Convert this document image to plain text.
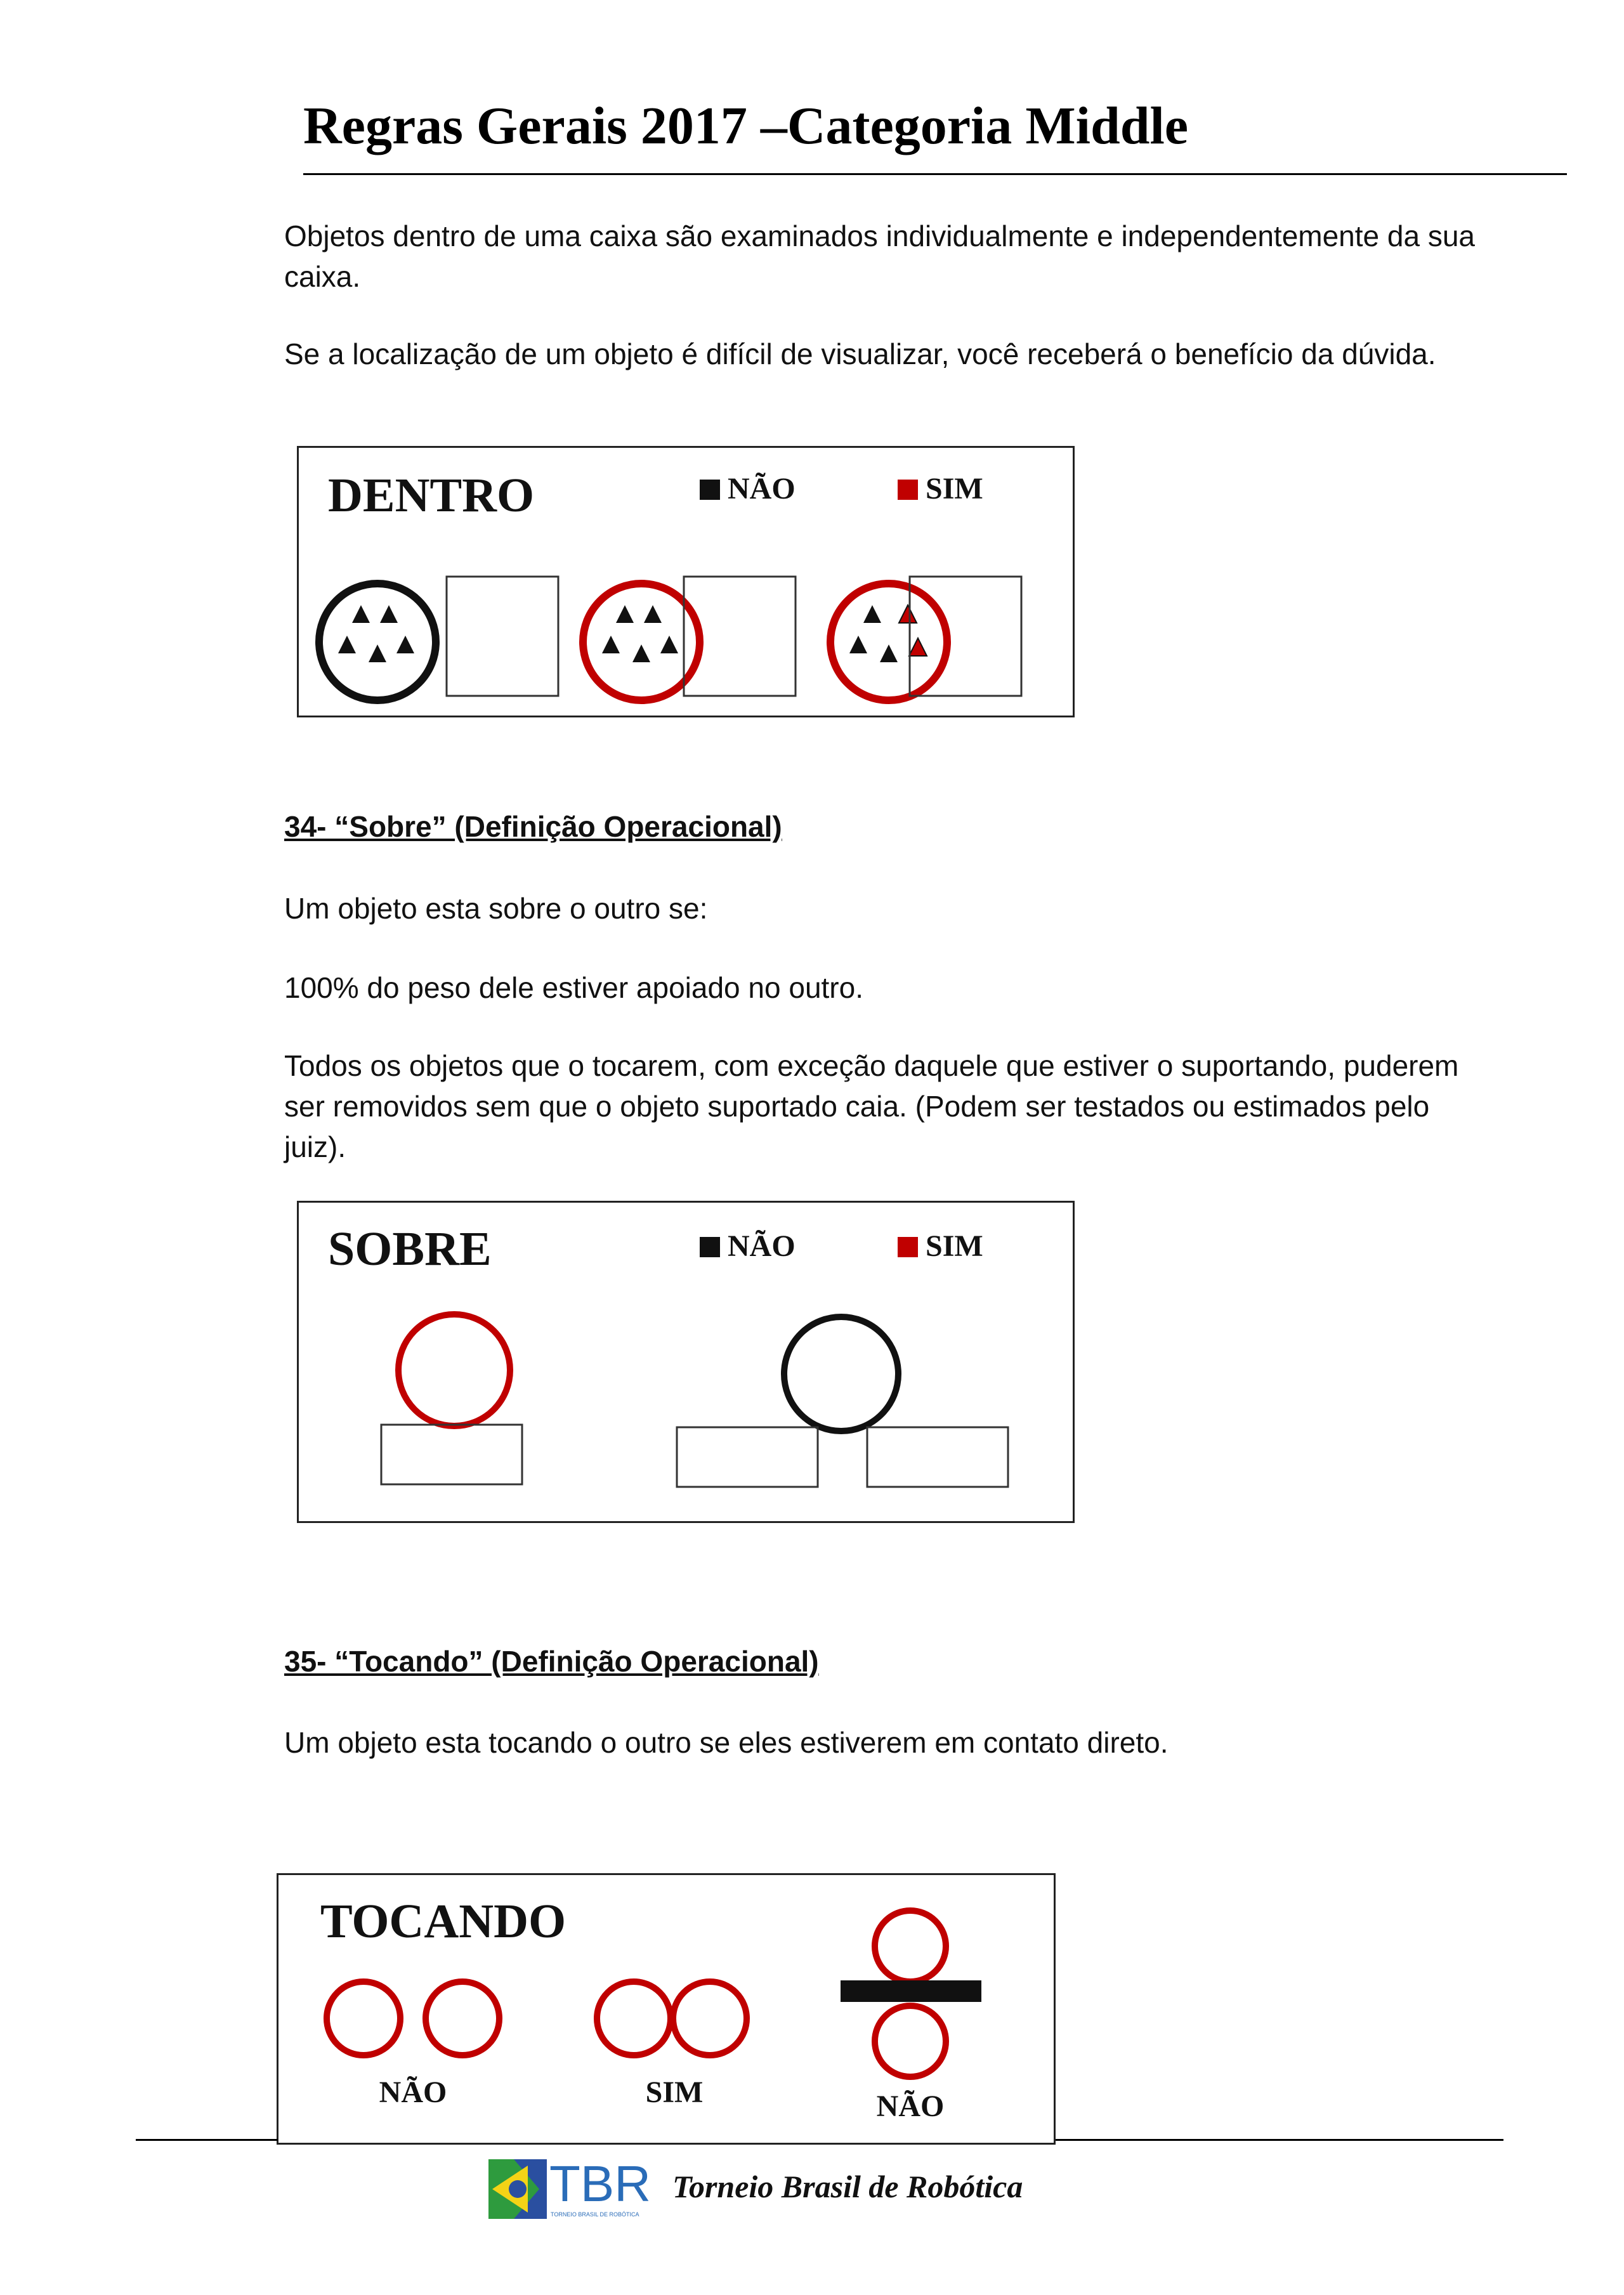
Regras Gerais 2017 –Categoria Middle

Objetos dentro de uma caixa são examinados individualmente e independentemente da sua caixa.

Se a localização de um objeto é difícil de visualizar, você receberá o benefício da dúvida.

DENTRO	NÃO	SIM

34- “Sobre” (Definição Operacional)

Um objeto esta sobre o outro se:

100% do peso dele estiver apoiado no outro.

Todos os objetos que o tocarem, com exceção daquele que estiver o suportando, puderem ser removidos sem que o objeto suportado caia. (Podem ser testados ou estimados pelo juiz).

SOBRE	NÃO	SIM

35- “Tocando” (Definição Operacional)

Um objeto esta tocando o outro se eles estiverem em contato direto.

TOCANDO
NÃO	SIM	NÃO
TBR
TORNEIO BRASIL DE ROBÓTICA
Torneio Brasil de Robótica
